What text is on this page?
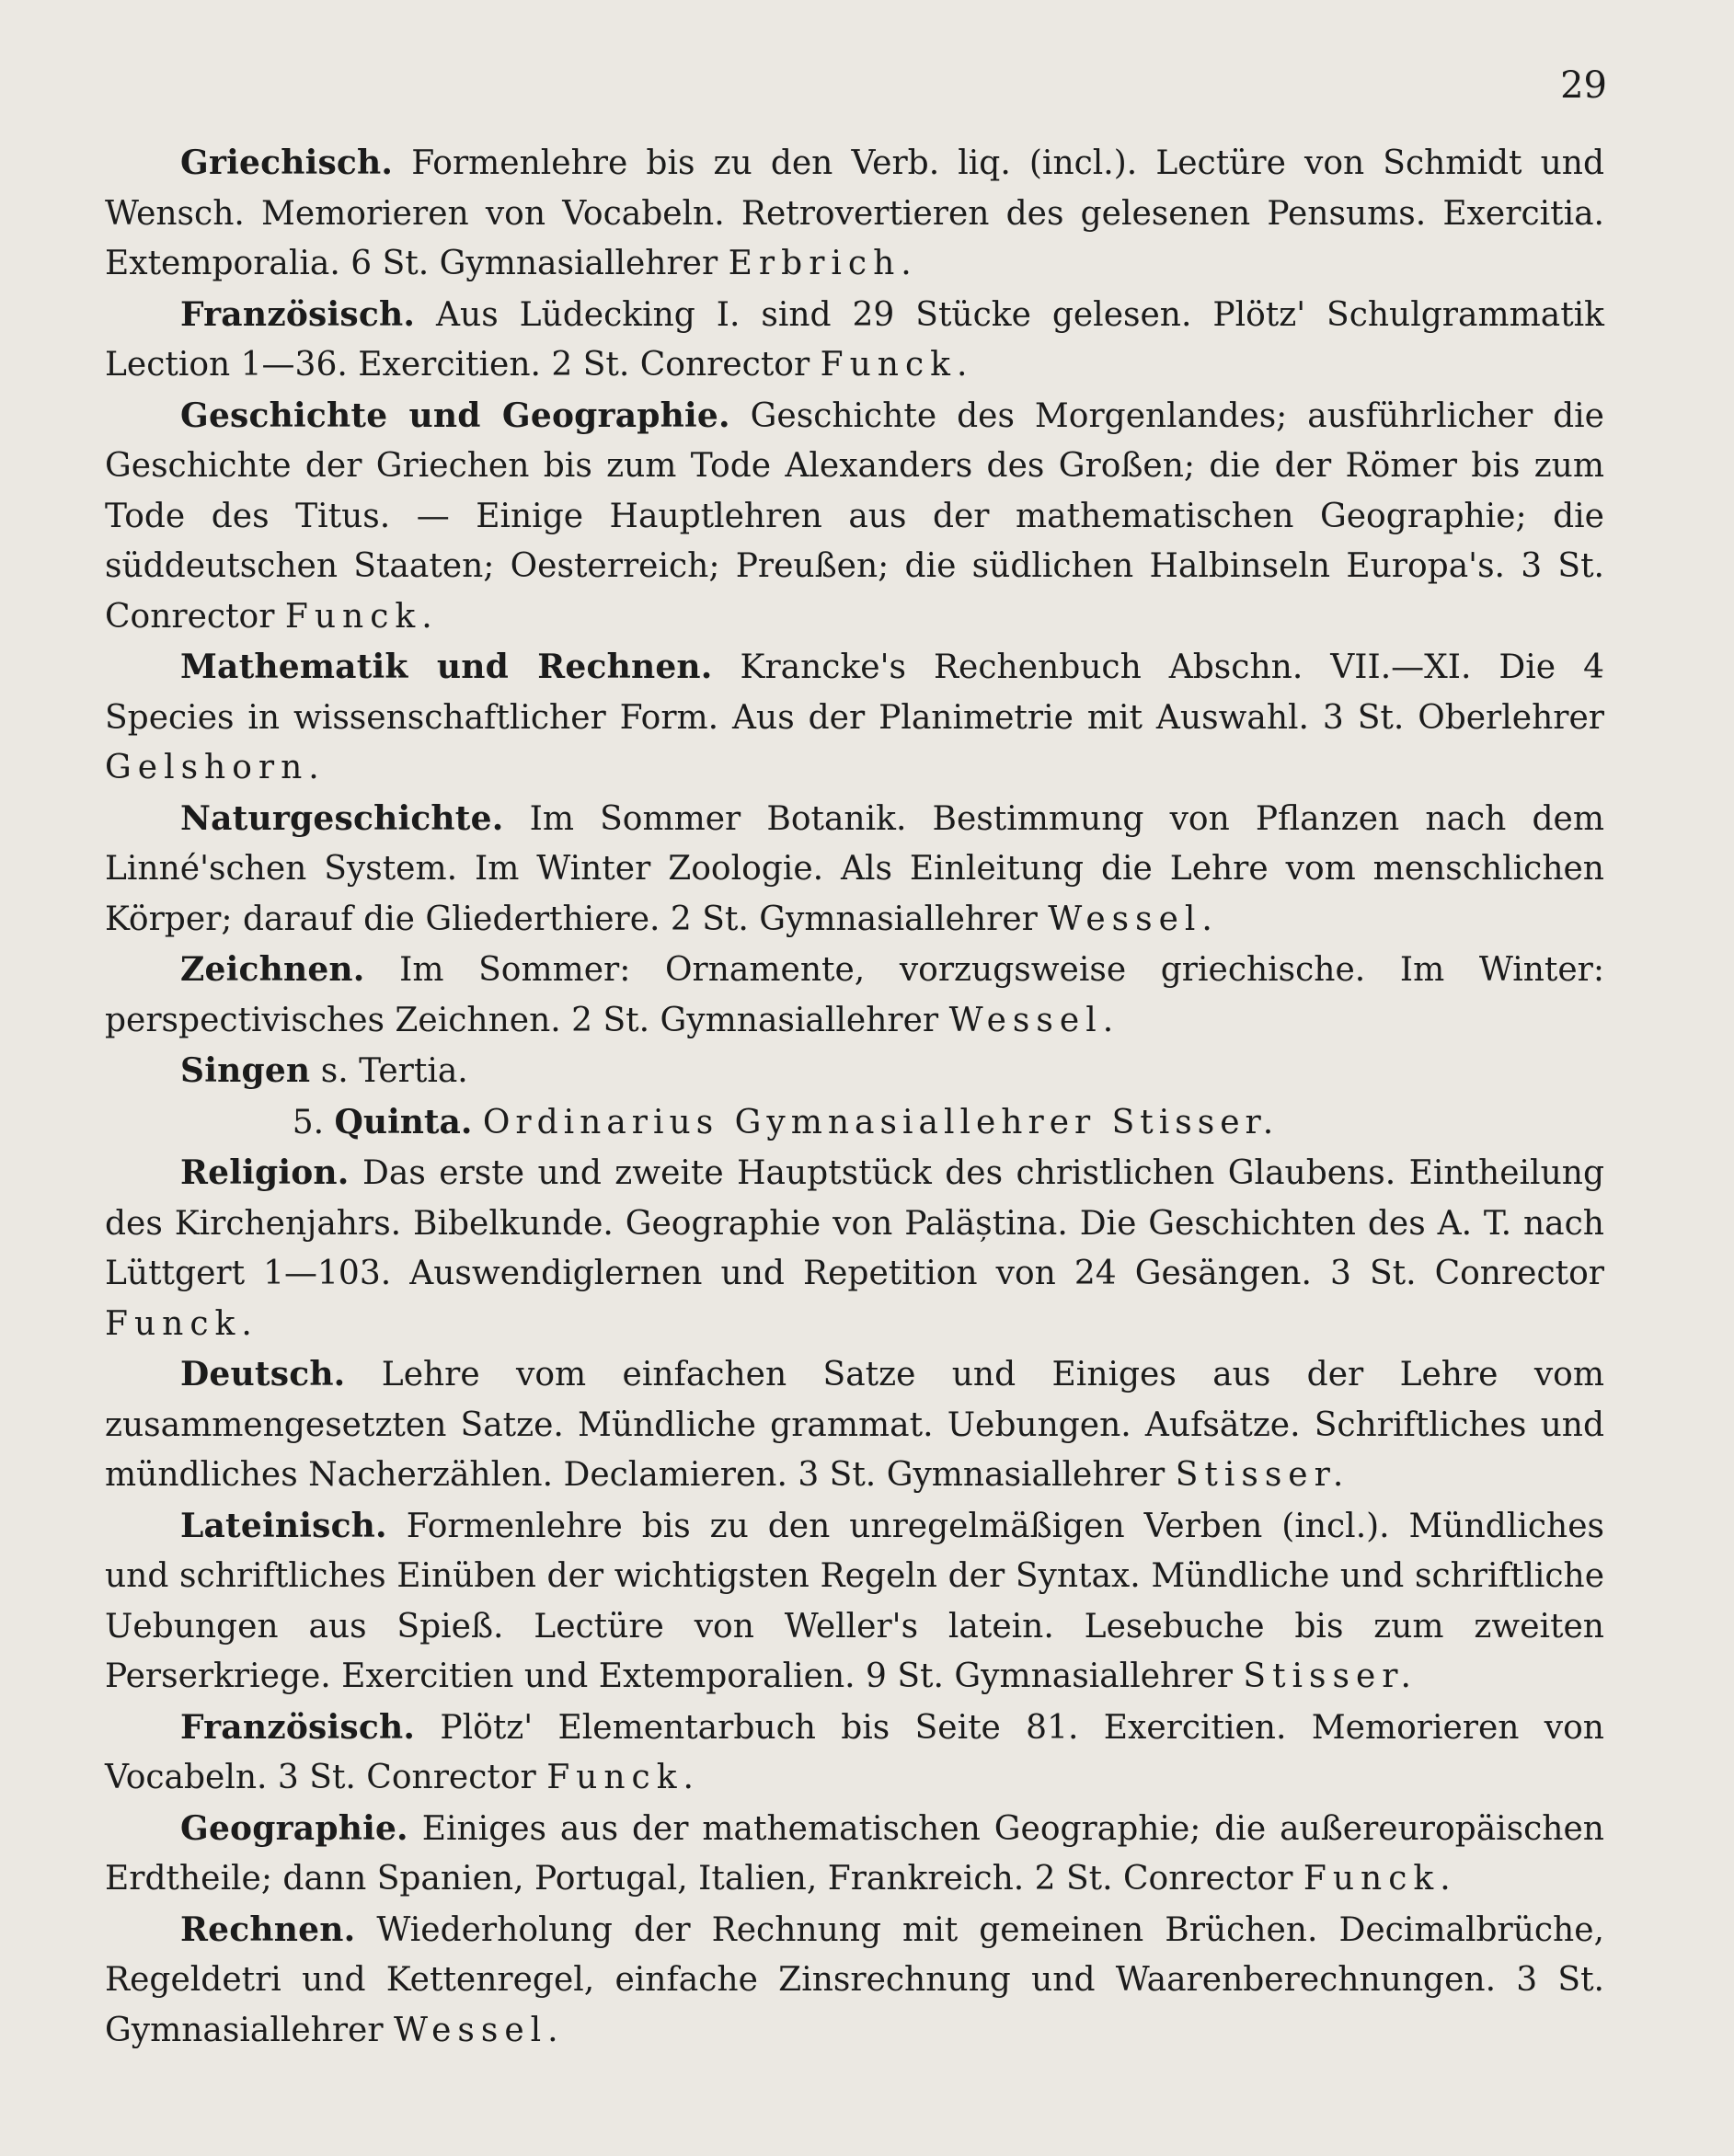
29

Griechisch. Formenlehre bis zu den Verb. liq. (incl.). Lectüre von Schmidt und Wensch. Memorieren von Vocabeln. Retrovertieren des gelesenen Pensums. Exercitia. Extemporalia. 6 St. Gymnasiallehrer Erbrich.

Französisch. Aus Lüdecking I. sind 29 Stücke gelesen. Plötz' Schulgrammatik Lection 1—36. Exercitien. 2 St. Conrector Funck.

Geschichte und Geographie. Geschichte des Morgenlandes; ausführlicher die Geschichte der Griechen bis zum Tode Alexanders des Großen; die der Römer bis zum Tode des Titus. — Einige Hauptlehren aus der mathematischen Geographie; die süddeutschen Staaten; Oesterreich; Preußen; die südlichen Halbinseln Europa's. 3 St. Conrector Funck.

Mathematik und Rechnen. Krancke's Rechenbuch Abschn. VII.—XI. Die 4 Species in wissenschaftlicher Form. Aus der Planimetrie mit Auswahl. 3 St. Oberlehrer Gelshorn.

Naturgeschichte. Im Sommer Botanik. Bestimmung von Pflanzen nach dem Linné'schen System. Im Winter Zoologie. Als Einleitung die Lehre vom menschlichen Körper; darauf die Gliederthiere. 2 St. Gymnasiallehrer Wessel.

Zeichnen. Im Sommer: Ornamente, vorzugsweise griechische. Im Winter: perspectivisches Zeichnen. 2 St. Gymnasiallehrer Wessel.

Singen s. Tertia.

5. Quinta. Ordinarius Gymnasiallehrer Stisser.

Religion. Das erste und zweite Hauptstück des christlichen Glaubens. Eintheilung des Kirchenjahrs. Bibelkunde. Geographie von Paläștina. Die Geschichten des A. T. nach Lüttgert 1—103. Auswendiglernen und Repetition von 24 Gesängen. 3 St. Conrector Funck.

Deutsch. Lehre vom einfachen Satze und Einiges aus der Lehre vom zusammengesetzten Satze. Mündliche grammat. Uebungen. Aufsätze. Schriftliches und mündliches Nacherzählen. Declamieren. 3 St. Gymnasiallehrer Stisser.

Lateinisch. Formenlehre bis zu den unregelmäßigen Verben (incl.). Mündliches und schriftliches Einüben der wichtigsten Regeln der Syntax. Mündliche und schriftliche Uebungen aus Spieß. Lectüre von Weller's latein. Lesebuche bis zum zweiten Perserkriege. Exercitien und Extemporalien. 9 St. Gymnasiallehrer Stisser.

Französisch. Plötz' Elementarbuch bis Seite 81. Exercitien. Memorieren von Vocabeln. 3 St. Conrector Funck.

Geographie. Einiges aus der mathematischen Geographie; die außereuropäischen Erdtheile; dann Spanien, Portugal, Italien, Frankreich. 2 St. Conrector Funck.

Rechnen. Wiederholung der Rechnung mit gemeinen Brüchen. Decimalbrüche, Regeldetri und Kettenregel, einfache Zinsrechnung und Waarenberechnungen. 3 St. Gymnasiallehrer Wessel.
